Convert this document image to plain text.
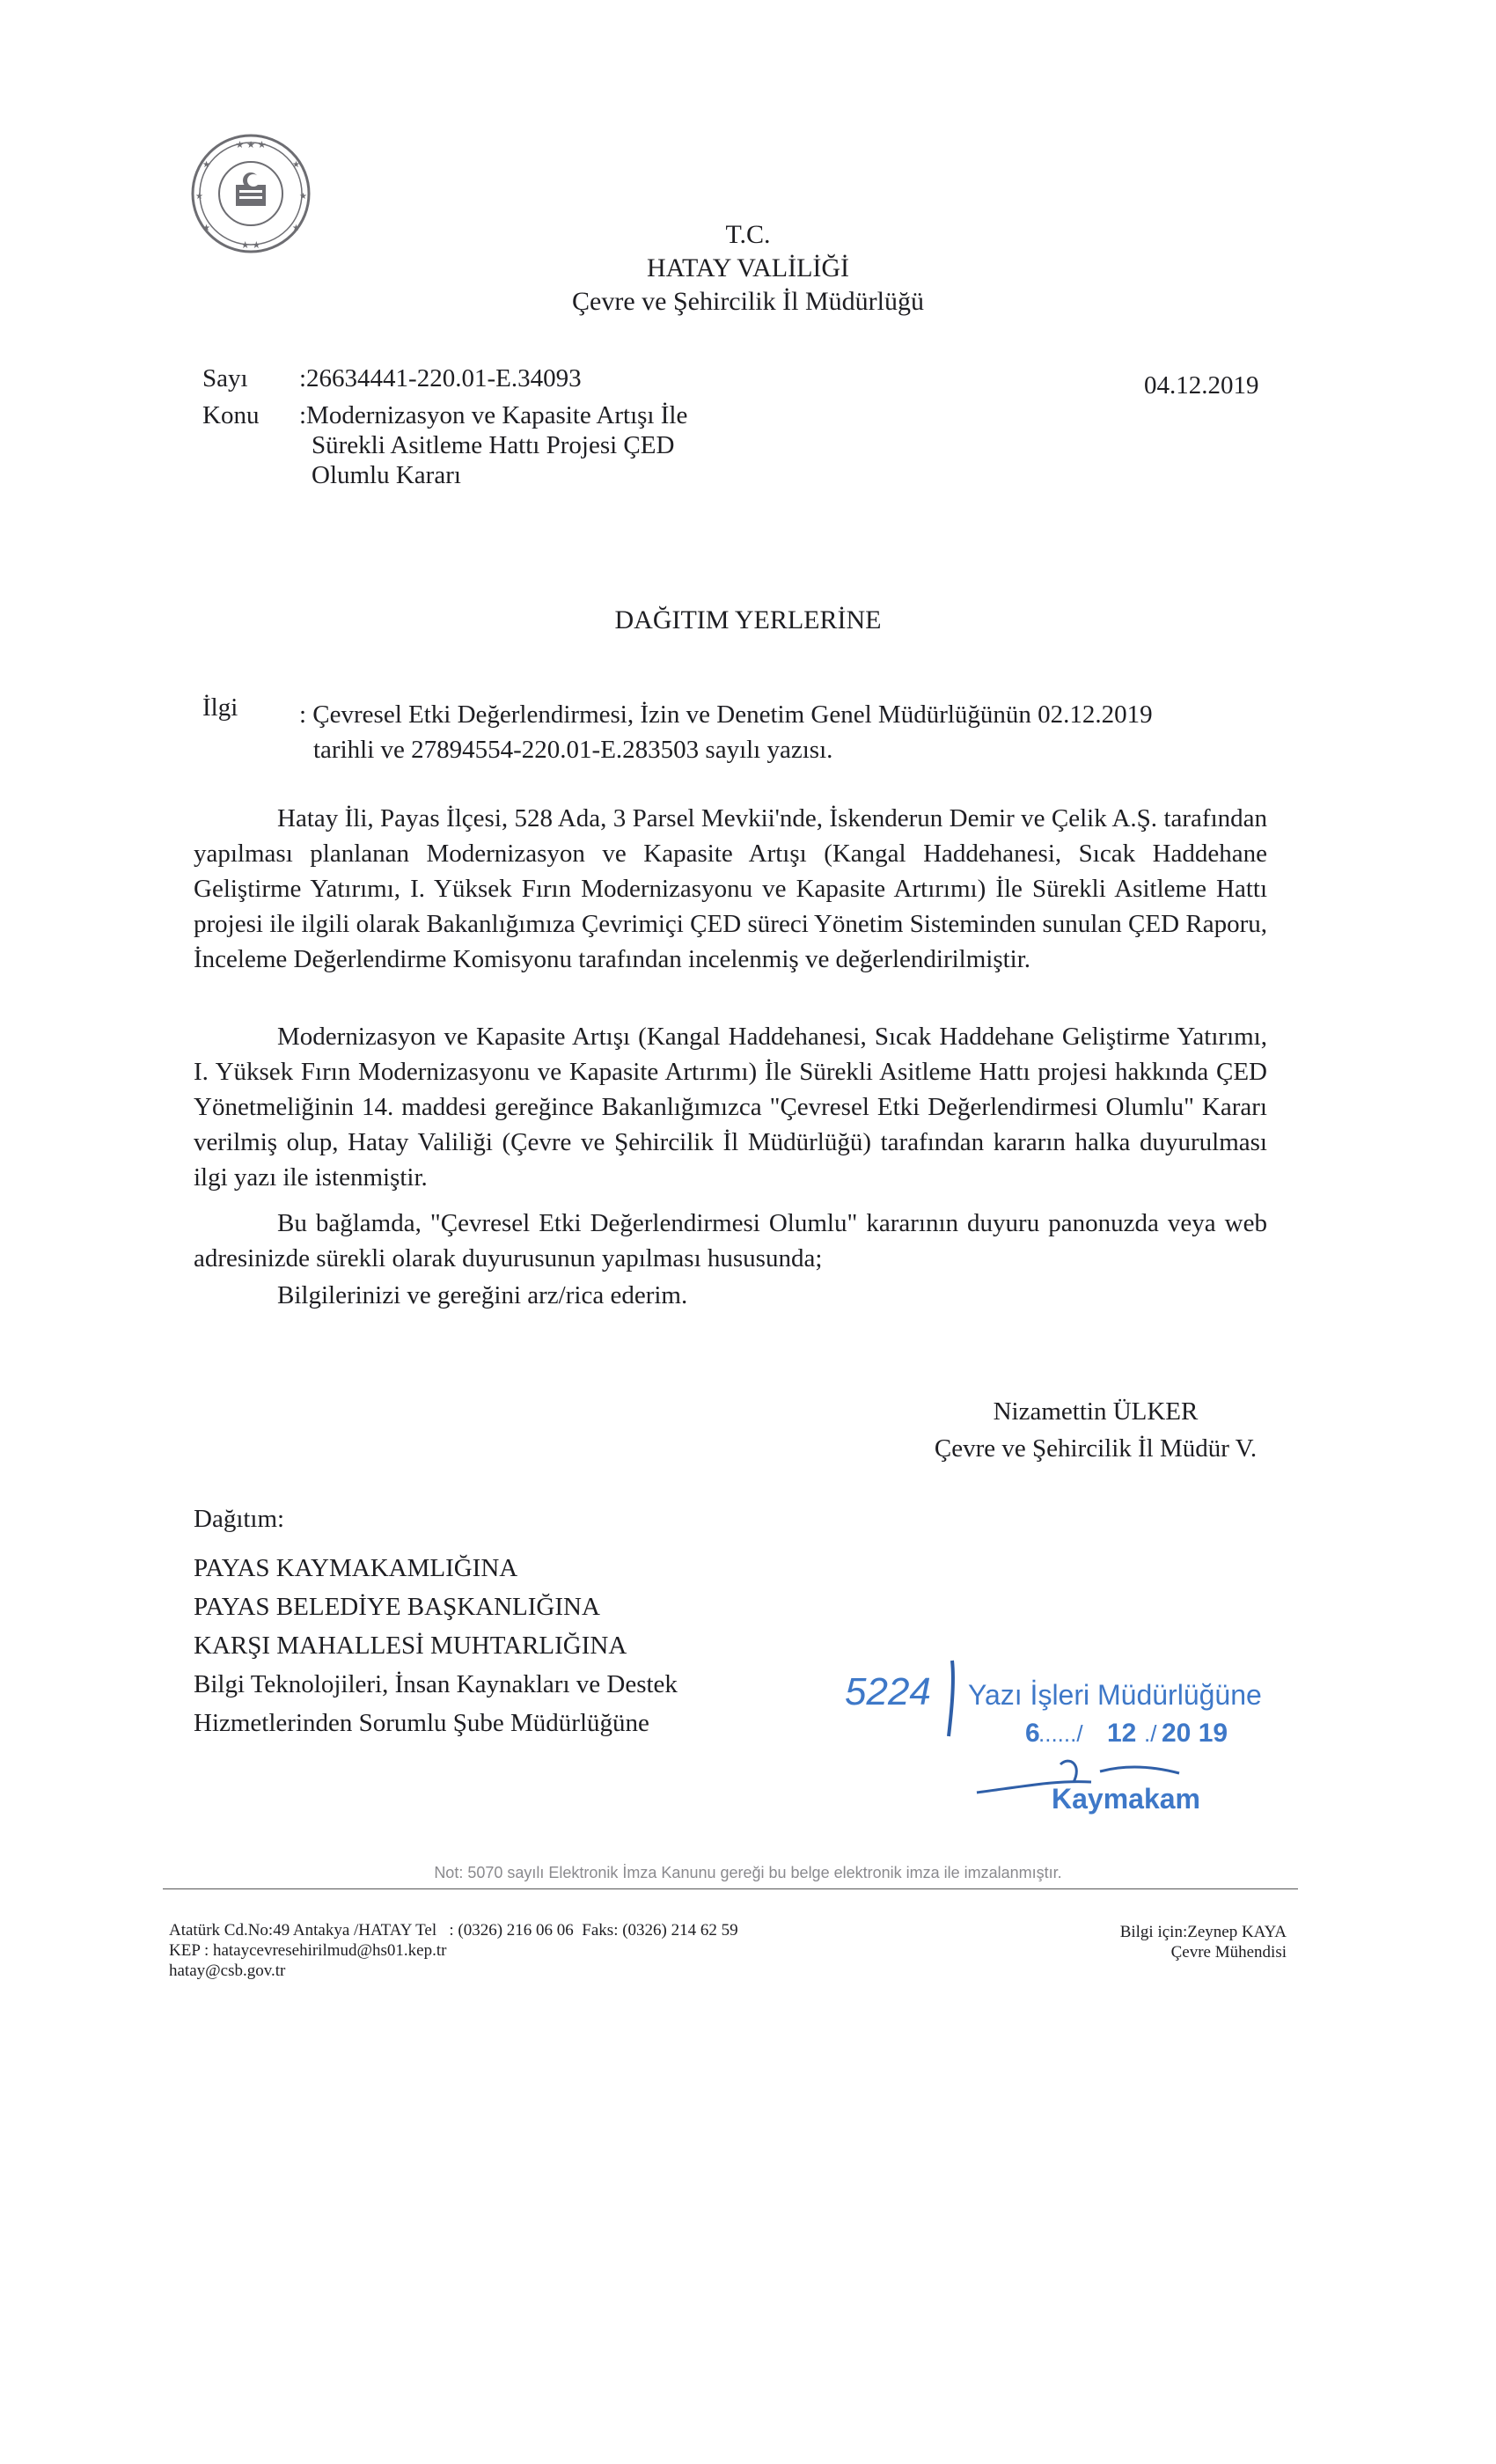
★ ★ ★
★	★
★	★
★	★
★ ★	T.C.
HATAY VALİLİĞİ
Çevre ve Şehircilik İl Müdürlüğü
Sayı :26634441-220.01-E.34093	04.12.2019
Konu :Modernizasyon ve Kapasite Artışı İle
Sürekli Asitleme Hattı Projesi ÇED
Olumlu Kararı
DAĞITIM YERLERİNE
İlgi : Çevresel Etki Değerlendirmesi, İzin ve Denetim Genel Müdürlüğünün 02.12.2019
tarihli ve 27894554-220.01-E.283503 sayılı yazısı.
Hatay İli, Payas İlçesi, 528 Ada, 3 Parsel Mevkii'nde, İskenderun Demir ve Çelik A.Ş. tarafından yapılması planlanan Modernizasyon ve Kapasite Artışı (Kangal Haddehanesi, Sıcak Haddehane Geliştirme Yatırımı, I. Yüksek Fırın Modernizasyonu ve Kapasite Artırımı) İle Sürekli Asitleme Hattı projesi ile ilgili olarak Bakanlığımıza Çevrimiçi ÇED süreci Yönetim Sisteminden sunulan ÇED Raporu, İnceleme Değerlendirme Komisyonu tarafından incelenmiş ve değerlendirilmiştir.
Modernizasyon ve Kapasite Artışı (Kangal Haddehanesi, Sıcak Haddehane Geliştirme Yatırımı, I. Yüksek Fırın Modernizasyonu ve Kapasite Artırımı) İle Sürekli Asitleme Hattı projesi hakkında ÇED Yönetmeliğinin 14. maddesi gereğince Bakanlığımızca "Çevresel Etki Değerlendirmesi Olumlu" Kararı verilmiş olup, Hatay Valiliği (Çevre ve Şehircilik İl Müdürlüğü) tarafından kararın halka duyurulması ilgi yazı ile istenmiştir.
Bu bağlamda, "Çevresel Etki Değerlendirmesi Olumlu" kararının duyuru panonuzda veya web adresinizde sürekli olarak duyurusunun yapılması hususunda;
Bilgilerinizi ve gereğini arz/rica ederim.
Nizamettin ÜLKER
Çevre ve Şehircilik İl Müdür V.
Dağıtım:
PAYAS KAYMAKAMLIĞINA
PAYAS BELEDİYE BAŞKANLIĞINA
KARŞI MAHALLESİ MUHTARLIĞINA
Bilgi Teknolojileri, İnsan Kaynakları ve Destek
Hizmetlerinden Sorumlu Şube Müdürlüğüne
5224 Yazı İşleri Müdürlüğüne
6
....../ 12 ./ 20 19
Kaymakam
Not: 5070 sayılı Elektronik İmza Kanunu gereği bu belge elektronik imza ile imzalanmıştır.
Atatürk Cd.No:49 Antakya /HATAY Tel   : (0326) 216 06 06  Faks: (0326) 214 62 59
KEP : hataycevresehirilmud@hs01.kep.tr
hatay@csb.gov.tr
Bilgi için:Zeynep KAYA
Çevre Mühendisi
